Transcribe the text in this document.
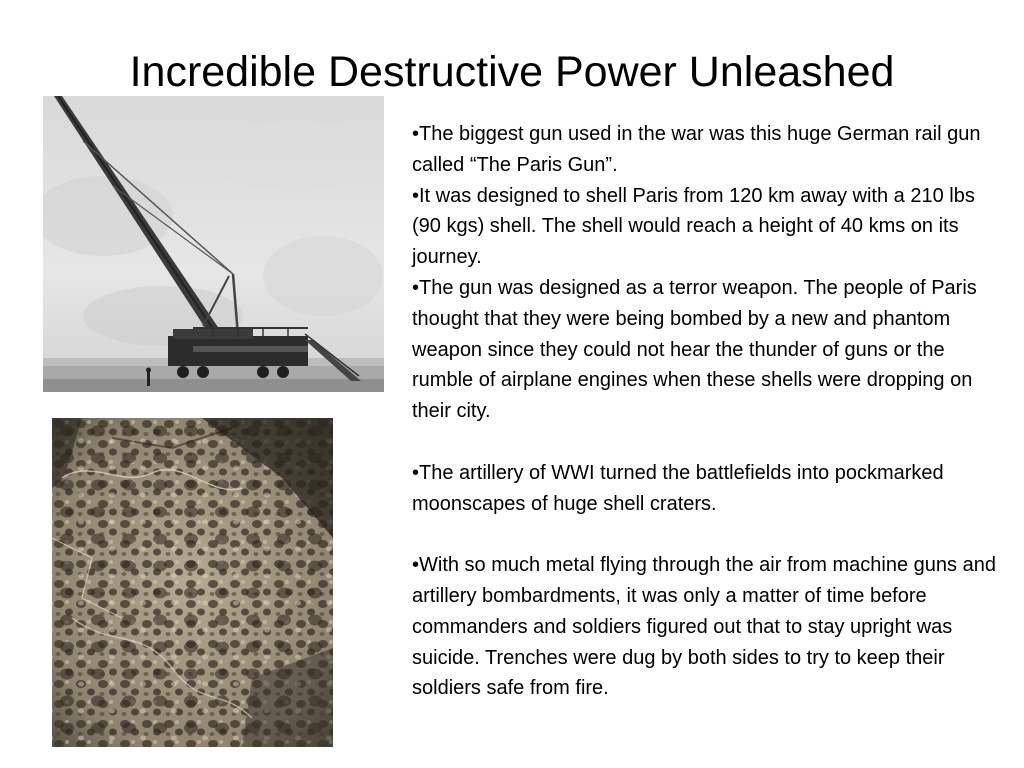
Incredible Destructive Power Unleashed

•The biggest gun used in the war was this huge German rail gun called “The Paris Gun”.

•It was designed to shell Paris from 120 km away with a 210 lbs (90 kgs) shell. The shell would reach a height of 40 kms on its journey.

•The gun was designed as a terror weapon. The people of Paris thought that they were being bombed by a new and phantom weapon since they could not hear the thunder of guns or the rumble of airplane engines when these shells were dropping on their city.

•The artillery of WWI turned the battlefields into pockmarked moonscapes of huge shell craters.

•With so much metal flying through the air from machine guns and artillery bombardments, it was only a matter of time before commanders and soldiers figured out that to stay upright was suicide. Trenches were dug by both sides to try to keep their soldiers safe from fire.
